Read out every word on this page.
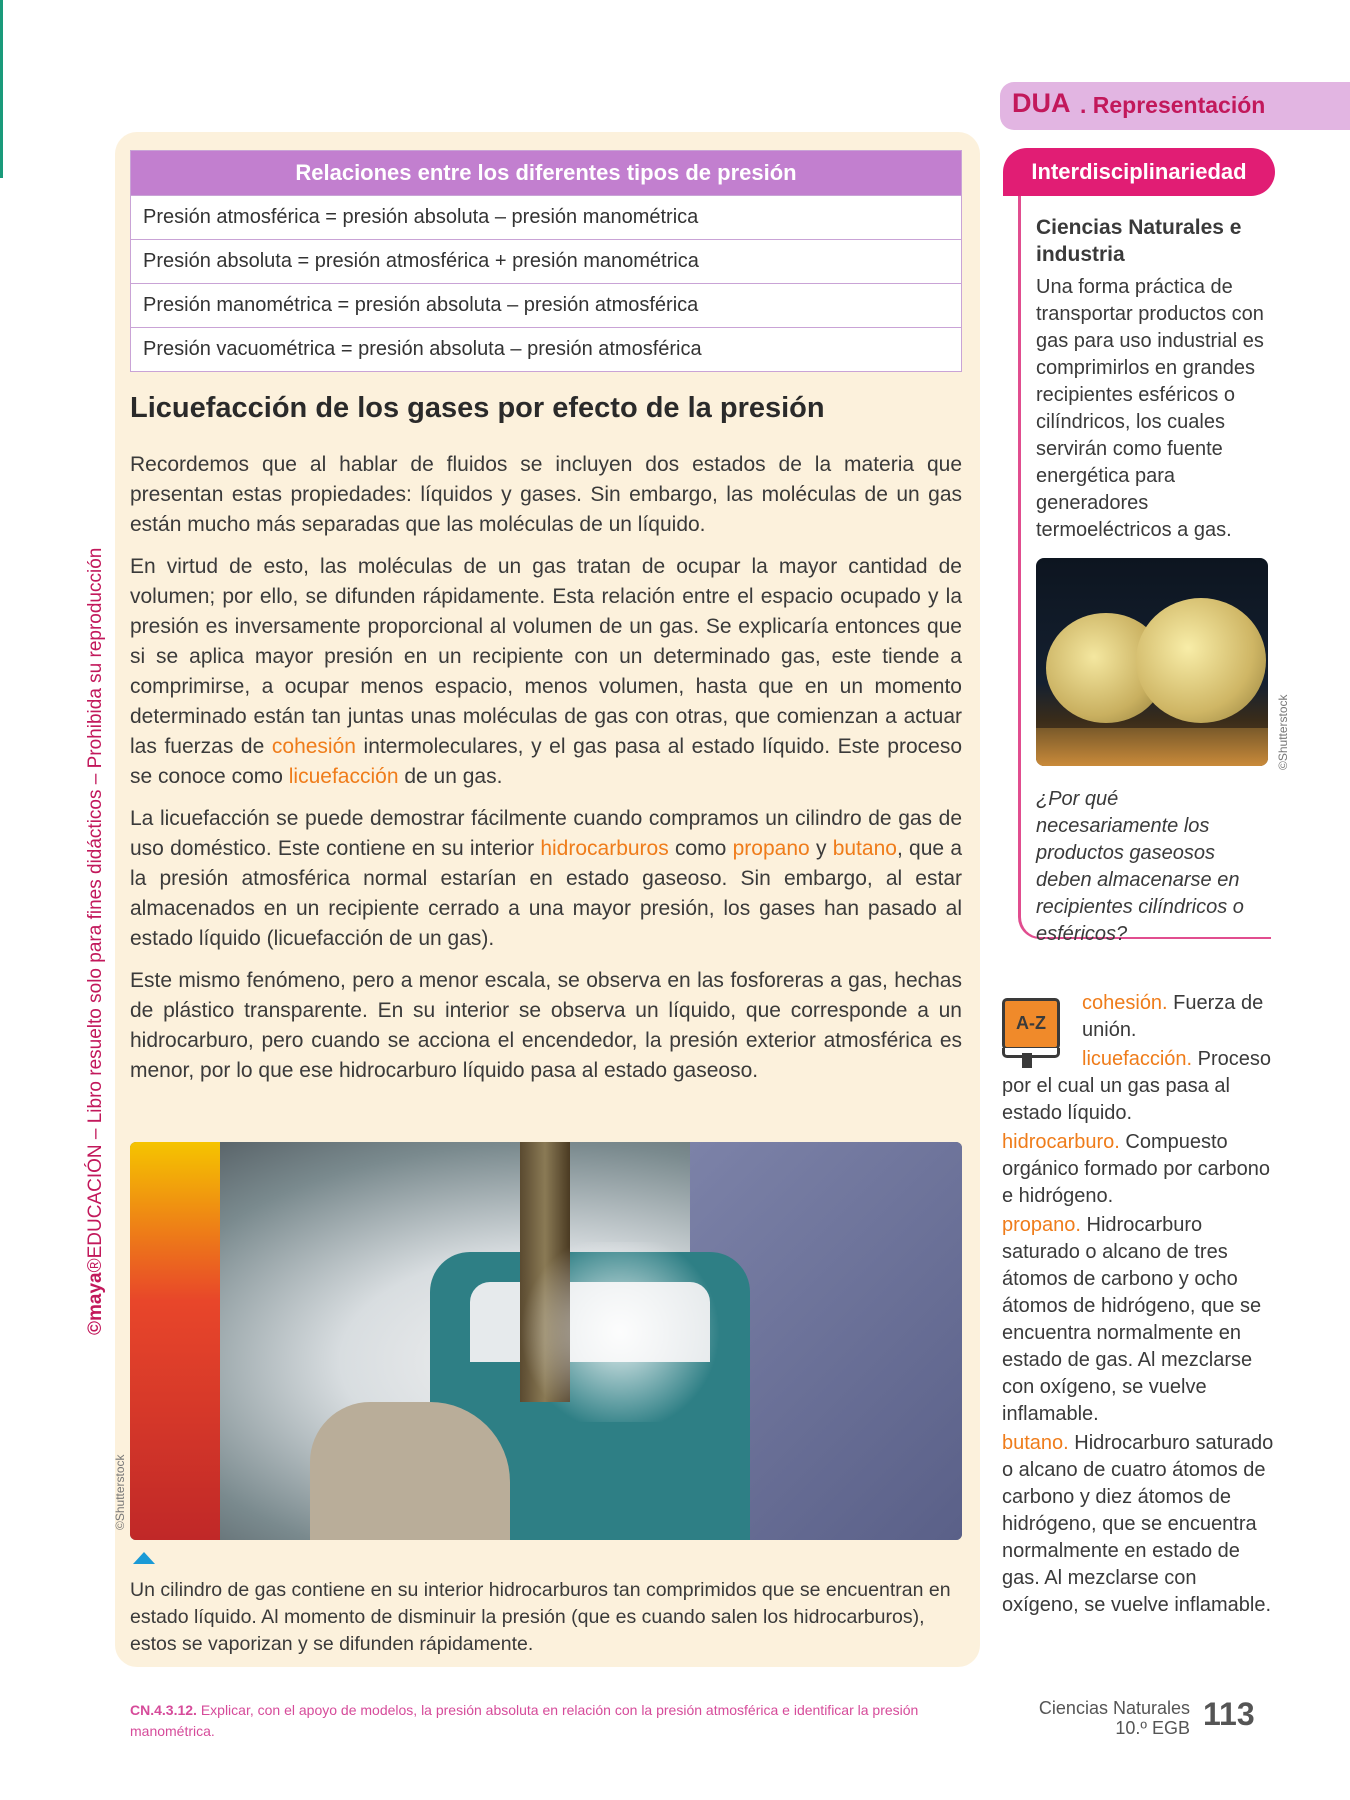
©maya®EDUCACIÓN – Libro resuelto solo para fines didácticos – Prohibida su reproducción
Relaciones entre los diferentes tipos de presión
Presión atmosférica = presión absoluta – presión manométrica
Presión absoluta = presión atmosférica + presión manométrica
Presión manométrica = presión absoluta – presión atmosférica
Presión vacuométrica = presión absoluta – presión atmosférica
Licuefacción de los gases por efecto de la presión

Recordemos que al hablar de fluidos se incluyen dos estados de la materia que presentan estas propiedades: líquidos y gases. Sin embargo, las moléculas de un gas están mucho más separadas que las moléculas de un líquido.

En virtud de esto, las moléculas de un gas tratan de ocupar la mayor cantidad de volumen; por ello, se difunden rápidamente. Esta relación entre el espacio ocupado y la presión es inversamente proporcional al volumen de un gas. Se explicaría entonces que si se aplica mayor presión en un recipiente con un determinado gas, este tiende a comprimirse, a ocupar menos espacio, menos volumen, hasta que en un momento determinado están tan juntas unas moléculas de gas con otras, que comienzan a actuar las fuerzas de cohesión intermoleculares, y el gas pasa al estado líquido. Este proceso se conoce como licuefacción de un gas.

La licuefacción se puede demostrar fácilmente cuando compramos un cilindro de gas de uso doméstico. Este contiene en su interior hidrocarburos como propano y butano, que a la presión atmosférica normal estarían en estado gaseoso. Sin embargo, al estar almacenados en un recipiente cerrado a una mayor presión, los gases han pasado al estado líquido (licuefacción de un gas).

Este mismo fenómeno, pero a menor escala, se observa en las fosforeras a gas, hechas de plástico transparente. En su interior se observa un líquido, que corresponde a un hidrocarburo, pero cuando se acciona el encendedor, la presión exterior atmosférica es menor, por lo que ese hidrocarburo líquido pasa al estado gaseoso.

©Shutterstock
Un cilindro de gas contiene en su interior hidrocarburos tan comprimidos que se encuentran en estado líquido. Al momento de disminuir la presión (que es cuando salen los hidrocarburos), estos se vaporizan y se difunden rápidamente.
CN.4.3.12. Explicar, con el apoyo de modelos, la presión absoluta en relación con la presión atmosférica e identificar la presión manométrica.
Ciencias Naturales
10.º EGB 113
DUA . Representación
Interdisciplinariedad
Ciencias Naturales e industria
Una forma práctica de transportar productos con gas para uso industrial es comprimirlos en grandes recipientes esféricos o cilíndricos, los cuales servirán como fuente energética para generadores termoeléctricos a gas.
©Shutterstock
¿Por qué necesariamente los productos gaseosos deben almacenarse en recipientes cilíndricos o esféricos?
A-Z

cohesión. Fuerza de unión.

licuefacción. Proceso por el cual un gas pasa al estado líquido.

hidrocarburo. Compuesto orgánico formado por carbono e hidrógeno.

propano. Hidrocarburo saturado o alcano de tres átomos de carbono y ocho átomos de hidrógeno, que se encuentra normalmente en estado de gas. Al mezclarse con oxígeno, se vuelve inflamable.

butano. Hidrocarburo saturado o alcano de cuatro átomos de carbono y diez átomos de hidrógeno, que se encuentra normalmente en estado de gas. Al mezclarse con oxígeno, se vuelve inflamable.
